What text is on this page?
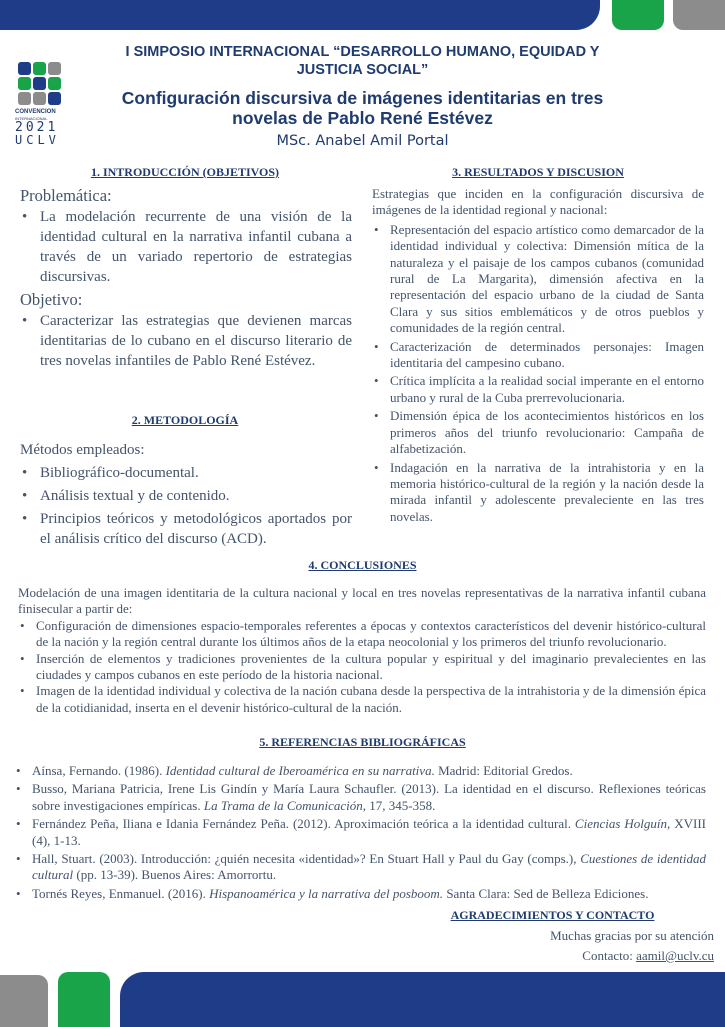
CONVENCION
INTERNACIONAL
2021
UCLV
I SIMPOSIO INTERNACIONAL “DESARROLLO HUMANO, EQUIDAD Y JUSTICIA SOCIAL”
Configuración discursiva de imágenes identitarias en tres novelas de Pablo René Estévez
MSc. Anabel Amil Portal
1. INTRODUCCIÓN (OBJETIVOS)
Problemática:
• La modelación recurrente de una visión de la identidad cultural en la narrativa infantil cubana a través de un variado repertorio de estrategias discursivas.
Objetivo:
• Caracterizar las estrategias que devienen marcas identitarias de lo cubano en el discurso literario de tres novelas infantiles de Pablo René Estévez.
2. METODOLOGÍA
Métodos empleados:
• Bibliográfico-documental.
• Análisis textual y de contenido.
• Principios teóricos y metodológicos aportados por el análisis crítico del discurso (ACD).
3. RESULTADOS Y DISCUSION
Estrategias que inciden en la configuración discursiva de imágenes de la identidad regional y nacional:
• Representación del espacio artístico como demarcador de la identidad individual y colectiva: Dimensión mítica de la naturaleza y el paisaje de los campos cubanos (comunidad rural de La Margarita), dimensión afectiva en la representación del espacio urbano de la ciudad de Santa Clara y sus sitios emblemáticos y de otros pueblos y comunidades de la región central.
• Caracterización de determinados personajes: Imagen identitaria del campesino cubano.
• Crítica implícita a la realidad social imperante en el entorno urbano y rural de la Cuba prerrevolucionaria.
• Dimensión épica de los acontecimientos históricos en los primeros años del triunfo revolucionario: Campaña de alfabetización.
• Indagación en la narrativa de la intrahistoria y en la memoria histórico-cultural de la región y la nación desde la mirada infantil y adolescente prevaleciente en las tres novelas.
4. CONCLUSIONES
Modelación de una imagen identitaria de la cultura nacional y local en tres novelas representativas de la narrativa infantil cubana finisecular a partir de:
• Configuración de dimensiones espacio-temporales referentes a épocas y contextos característicos del devenir histórico-cultural de la nación y la región central durante los últimos años de la etapa neocolonial y los primeros del triunfo revolucionario.
• Inserción de elementos y tradiciones provenientes de la cultura popular y espiritual y del imaginario prevalecientes en las ciudades y campos cubanos en este período de la historia nacional.
• Imagen de la identidad individual y colectiva de la nación cubana desde la perspectiva de la intrahistoria y de la dimensión épica de la cotidianidad, inserta en el devenir histórico-cultural de la nación.
5. REFERENCIAS BIBLIOGRÁFICAS
• Aínsa, Fernando. (1986). Identidad cultural de Iberoamérica en su narrativa. Madrid: Editorial Gredos.
• Busso, Mariana Patricia, Irene Lis Gindín y María Laura Schaufler. (2013). La identidad en el discurso. Reflexiones teóricas sobre investigaciones empíricas. La Trama de la Comunicación, 17, 345-358.
• Fernández Peña, Iliana e Idania Fernández Peña. (2012). Aproximación teórica a la identidad cultural. Ciencias Holguín, XVIII (4), 1-13.
• Hall, Stuart. (2003). Introducción: ¿quién necesita «identidad»? En Stuart Hall y Paul du Gay (comps.), Cuestiones de identidad cultural (pp. 13-39). Buenos Aires: Amorrortu.
• Tornés Reyes, Enmanuel. (2016). Hispanoamérica y la narrativa del posboom. Santa Clara: Sed de Belleza Ediciones.
AGRADECIMIENTOS Y CONTACTO
Muchas gracias por su atención
Contacto: aamil@uclv.cu
